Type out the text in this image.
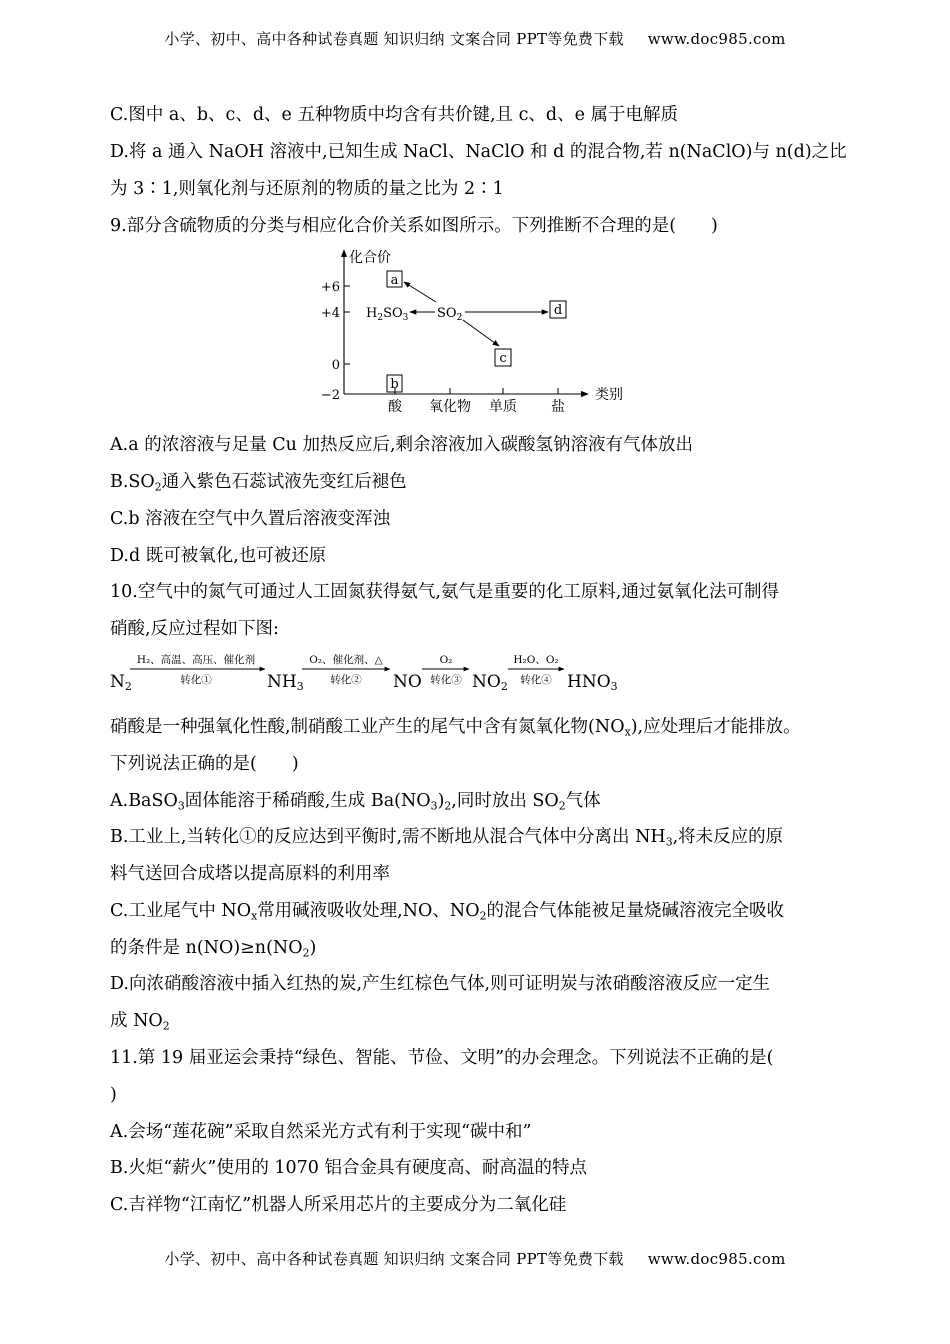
小学、初中、高中各种试卷真题 知识归纳 文案合同 PPT等免费下载 www.doc985.com
C.图中 a、b、c、d、e 五种物质中均含有共价键,且 c、d、e 属于电解质
D.将 a 通入 NaOH 溶液中,已知生成 NaCl、NaClO 和 d 的混合物,若 n(NaClO)与 n(d)之比
为 3∶1,则氧化剂与还原剂的物质的量之比为 2∶1
9.部分含硫物质的分类与相应化合价关系如图所示。下列推断不合理的是(　　)
化合价
类别
+6
+4
0
−2
酸 氧化物 单质 盐
a
b
c
d
$H_2SO_3$ $SO_2$
A.a 的浓溶液与足量 Cu 加热反应后,剩余溶液加入碳酸氢钠溶液有气体放出
$B.SO_2$通入紫色石蕊试液先变红后褪色
C.b 溶液在空气中久置后溶液变浑浊
D.d 既可被氧化,也可被还原
10.空气中的氮气可通过人工固氮获得氨气,氨气是重要的化工原料,通过氨氧化法可制得
硝酸,反应过程如下图:
N2	NH3	NO	NO2	HNO3
H₂、高温、高压、催化剂
转化①
O₂、催化剂、△
转化②
O₂
转化③
H₂O、O₂
转化④
硝酸是一种强氧化性酸,制硝酸工业产生的尾气中含有氮氧化物$(NO_x)$,应处理后才能排放。
下列说法正确的是(　　)
A.BaSO$_3$固体能溶于稀硝酸,生成 $Ba(NO_3)_2$,同时放出 $SO_2$气体
B.工业上,当转化①的反应达到平衡时,需不断地从混合气体中分离出 $NH_3$,将未反应的原
料气送回合成塔以提高原料的利用率
C.工业尾气中 $NO_x$常用碱液吸收处理,NO、$NO_2$的混合气体能被足量烧碱溶液完全吸收
的条件是 $n(NO)\ge n(NO_2)$
D.向浓硝酸溶液中插入红热的炭,产生红棕色气体,则可证明炭与浓硝酸溶液反应一定生
成 $NO_2$
11.第 19 届亚运会秉持“绿色、智能、节俭、文明”的办会理念。下列说法不正确的是(
)
A.会场“莲花碗”采取自然采光方式有利于实现“碳中和”
B.火炬“薪火”使用的 1070 铝合金具有硬度高、耐高温的特点
C.吉祥物“江南忆”机器人所采用芯片的主要成分为二氧化硅
小学、初中、高中各种试卷真题 知识归纳 文案合同 PPT等免费下载 www.doc985.com
